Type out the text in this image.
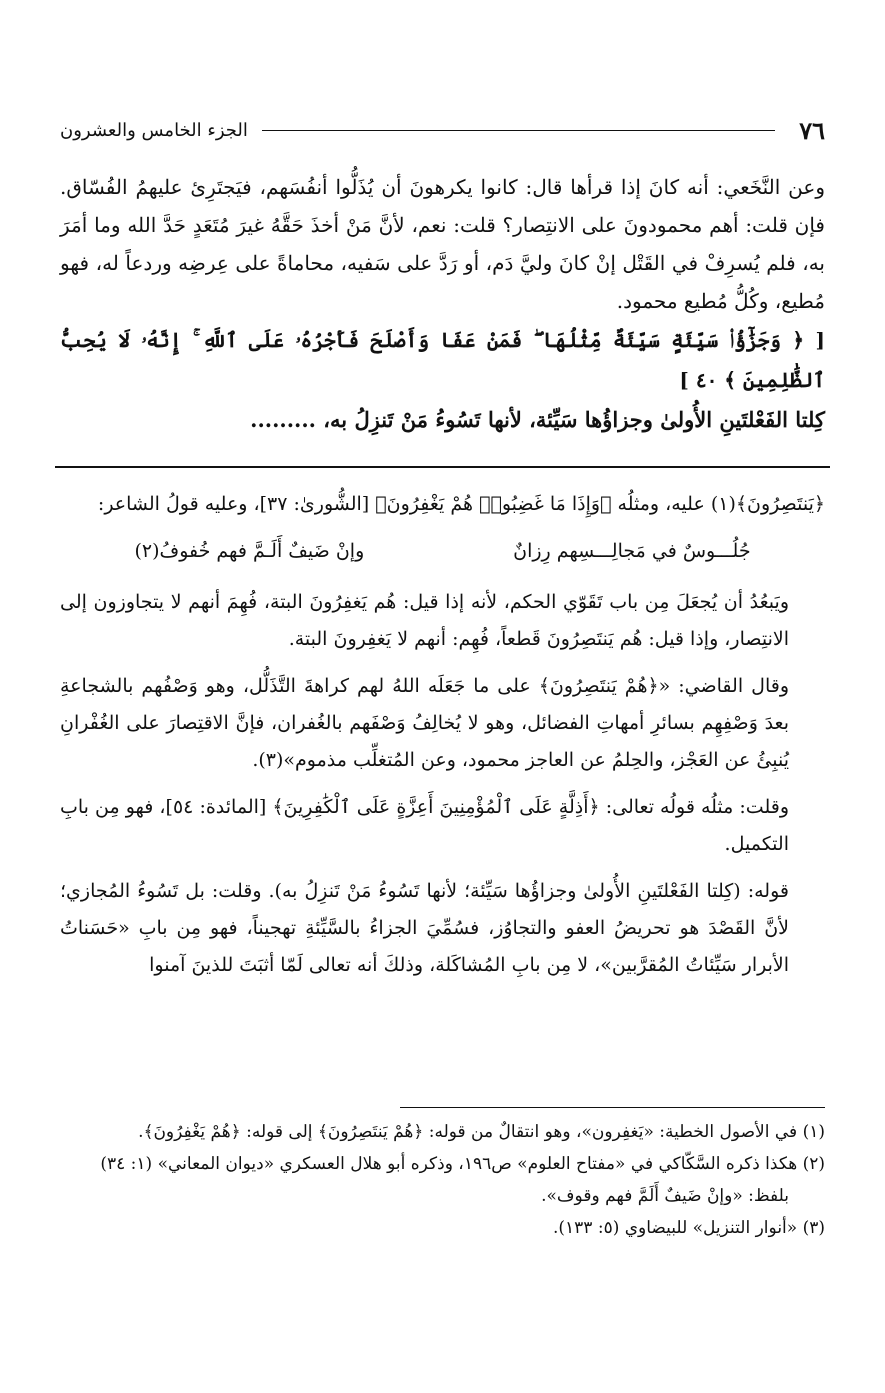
٧٦
الجزء الخامس والعشرون

وعن النَّخَعي: أنه كانَ إذا قرأها قال: كانوا يكرهونَ أن يُذَلُّوا أنفُسَهم، فيَجتَرِئ عليهمُ الفُسّاق. فإن قلت: أهم محمودونَ على الانتِصار؟ قلت: نعم، لأنَّ مَنْ أخذَ حَقَّهُ غيرَ مُتَعَدٍ حَدَّ الله وما أمَرَ به، فلم يُسرِفْ في القَتْل إنْ كانَ وليَّ دَم، أو رَدَّ على سَفيه، محاماةً على عِرضِه وردعاً له، فهو مُطيع، وكُلُّ مُطيع محمود.

[ ﴿ وَجَزَٰٓؤُا۟ سَيِّئَةٍ سَيِّئَةٌ مِّثْلُهَا ۖ فَمَنْ عَفَا وَأَصْلَحَ فَأَجْرُهُۥ عَلَى ٱللَّهِ ۚ إِنَّهُۥ لَا يُحِبُّ ٱلظَّٰلِمِينَ ﴾ ٤٠ ]

كِلتا الفَعْلتَينِ الأُولىٰ وجزاؤُها سَيِّئة، لأنها تَسُوءُ مَنْ تَنزِلُ به، .........

﴿يَنتَصِرُونَ﴾(١) عليه، ومثلُه ﴿وَإِذَا مَا غَضِبُوا۟ هُمْ يَغْفِرُونَ﴾ [الشُّورىٰ: ٣٧]، وعليه قولُ الشاعر:

جُلُـــوسٌ في مَجالِـــسِهم رِزانٌ
وإنْ ضَيفٌ أَلَـمَّ فهم خُفوفُ(٢)

ويَبعُدُ أن يُجعَلَ مِن باب تَقَوّي الحكم، لأنه إذا قيل: هُم يَغفِرُونَ البتة، فُهِمَ أنهم لا يتجاوزون إلى الانتِصار، وإذا قيل: هُم يَنتَصِرُونَ قَطعاً، فُهِم: أنهم لا يَغفِرونَ البتة.

وقال القاضي: «﴿هُمْ يَنتَصِرُونَ﴾ على ما جَعَلَه اللهُ لهم كراهةَ التَّذَلُّل، وهو وَصْفُهم بالشجاعةِ بعدَ وَصْفِهِم بسائرِ أمهاتِ الفضائل، وهو لا يُخالِفُ وَصْفَهم بالغُفران، فإنَّ الاقتِصارَ على الغُفْرانِ يُنبِئُ عن العَجْز، والحِلمُ عن العاجز محمود، وعن المُتغلِّب مذموم»(٣).

وقلت: مثلُه قولُه تعالى: ﴿أَذِلَّةٍ عَلَى ٱلْمُؤْمِنِينَ أَعِزَّةٍ عَلَى ٱلْكَٰفِرِينَ﴾ [المائدة: ٥٤]، فهو مِن بابِ التكميل.

قوله: (كِلتا الفَعْلتَينِ الأُولىٰ وجزاؤُها سَيِّئة؛ لأنها تَسُوءُ مَنْ تَنزِلُ به). وقلت: بل تَسُوءُ المُجازي؛ لأنَّ القَصْدَ هو تحريضُ العفو والتجاوُز، فسُمِّيَ الجزاءُ بالسَّيِّئةِ تهجيناً، فهو مِن بابِ «حَسَناتُ الأبرار سَيِّئاتُ المُقرَّبين»، لا مِن بابِ المُشاكَلة، وذلكَ أنه تعالى لَمّا أثبَتَ للذينَ آمنوا

(١) في الأصول الخطية: «يَغفِرون»، وهو انتقالٌ من قوله: ﴿هُمْ يَنتَصِرُونَ﴾ إلى قوله: ﴿هُمْ يَغْفِرُونَ﴾.

(٢) هكذا ذكره السَّكّاكي في «مفتاح العلوم» ص١٩٦، وذكره أبو هلال العسكري «ديوان المعاني» (١: ٣٤)

بلفظ: «وإنْ ضَيفٌ أَلَمَّ فهم وقوف».

(٣) «أنوار التنزيل» للبيضاوي (٥: ١٣٣).
